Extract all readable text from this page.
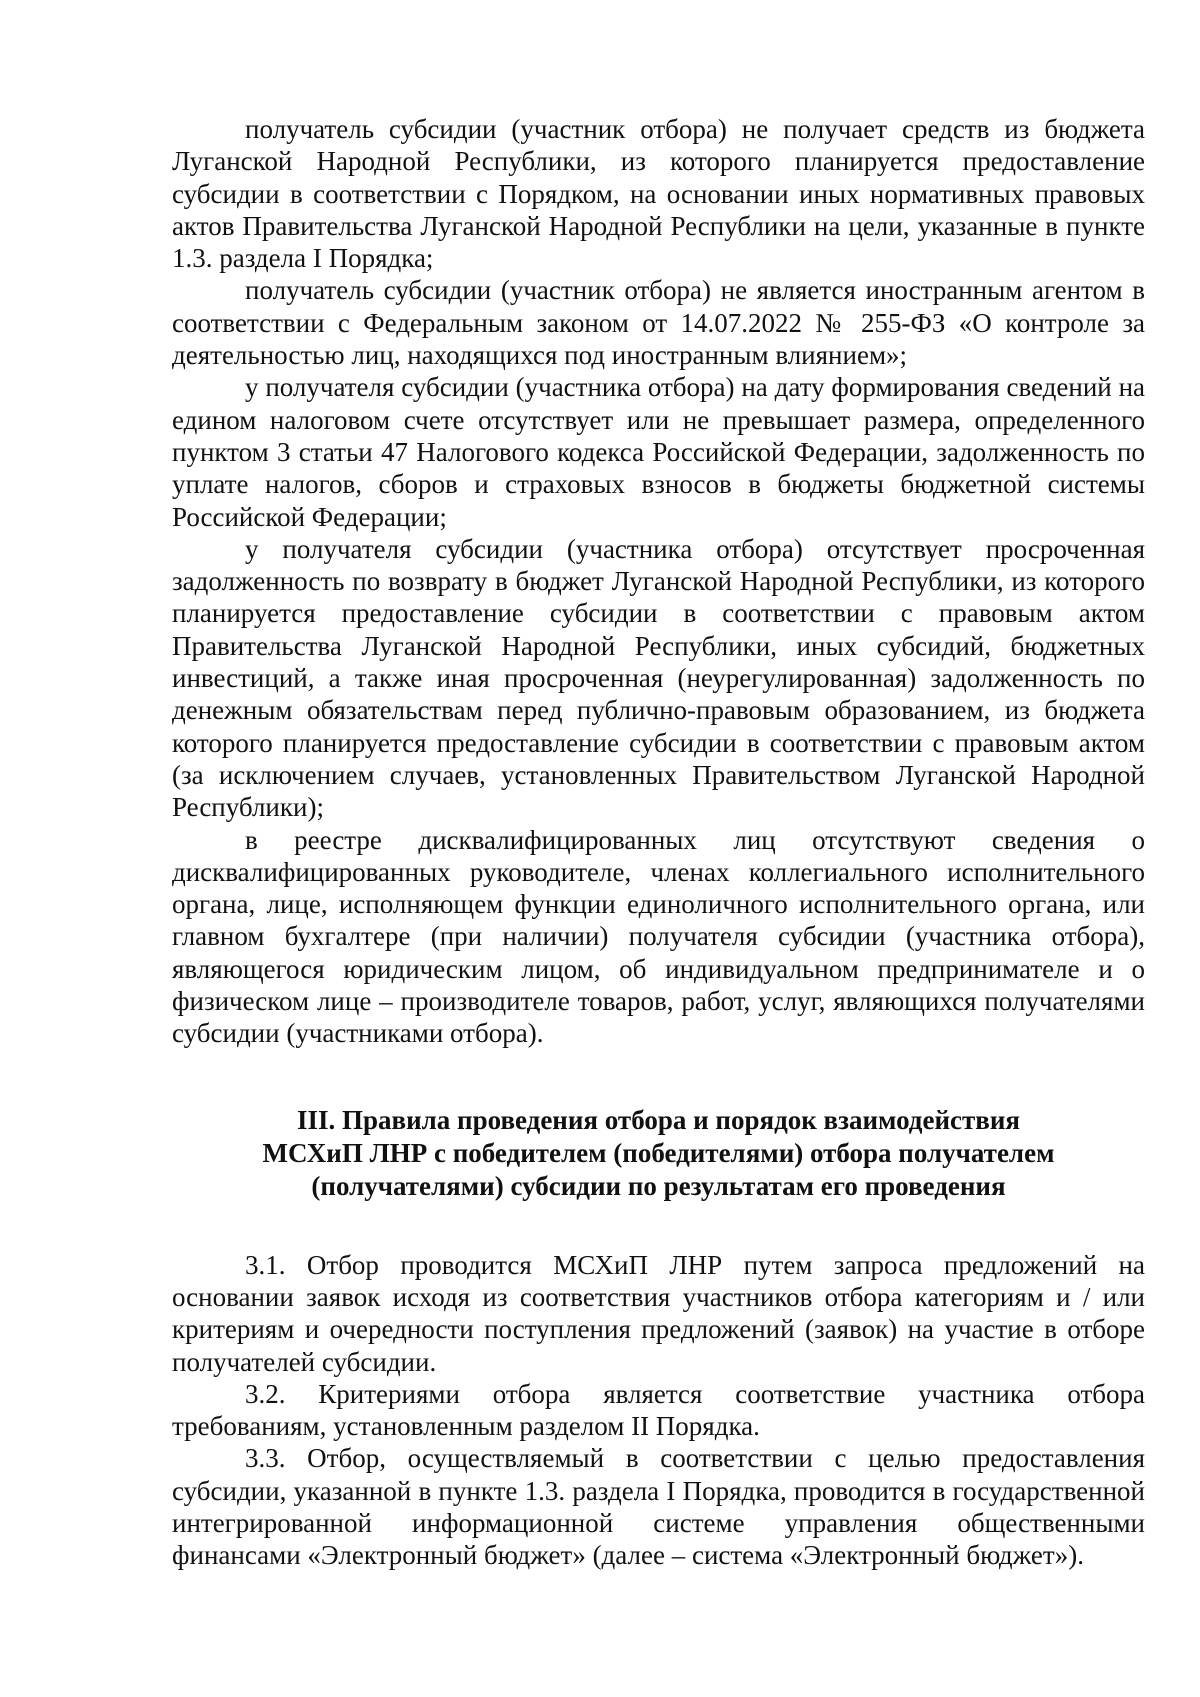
получатель субсидии (участник отбора) не получает средств из бюджета Луганской Народной Республики, из которого планируется предоставление субсидии в соответствии с Порядком, на основании иных нормативных правовых актов Правительства Луганской Народной Республики на цели, указанные в пункте 1.3. раздела I Порядка;

получатель субсидии (участник отбора) не является иностранным агентом в соответствии с Федеральным законом от 14.07.2022 № 255-ФЗ «О контроле за деятельностью лиц, находящихся под иностранным влиянием»;

у получателя субсидии (участника отбора) на дату формирования сведений на едином налоговом счете отсутствует или не превышает размера, определенного пунктом 3 статьи 47 Налогового кодекса Российской Федерации, задолженность по уплате налогов, сборов и страховых взносов в бюджеты бюджетной системы Российской Федерации;

у получателя субсидии (участника отбора) отсутствует просроченная задолженность по возврату в бюджет Луганской Народной Республики, из которого планируется предоставление субсидии в соответствии с правовым актом Правительства Луганской Народной Республики, иных субсидий, бюджетных инвестиций, а также иная просроченная (неурегулированная) задолженность по денежным обязательствам перед публично-правовым образованием, из бюджета которого планируется предоставление субсидии в соответствии с правовым актом (за исключением случаев, установленных Правительством Луганской Народной Республики);

в реестре дисквалифицированных лиц отсутствуют сведения о дисквалифицированных руководителе, членах коллегиального исполнительного органа, лице, исполняющем функции единоличного исполнительного органа, или главном бухгалтере (при наличии) получателя субсидии (участника отбора), являющегося юридическим лицом, об индивидуальном предпринимателе и о физическом лице – производителе товаров, работ, услуг, являющихся получателями субсидии (участниками отбора).

III. Правила проведения отбора и порядок взаимодействия
МСХиП ЛНР с победителем (победителями) отбора получателем
(получателями) субсидии по результатам его проведения

3.1. Отбор проводится МСХиП ЛНР путем запроса предложений на основании заявок исходя из соответствия участников отбора категориям и / или критериям и очередности поступления предложений (заявок) на участие в отборе получателей субсидии.

3.2. Критериями отбора является соответствие участника отбора требованиям, установленным разделом II Порядка.

3.3. Отбор, осуществляемый в соответствии с целью предоставления субсидии, указанной в пункте 1.3. раздела I Порядка, проводится в государственной интегрированной информационной системе управления общественными финансами «Электронный бюджет» (далее – система «Электронный бюджет»).
